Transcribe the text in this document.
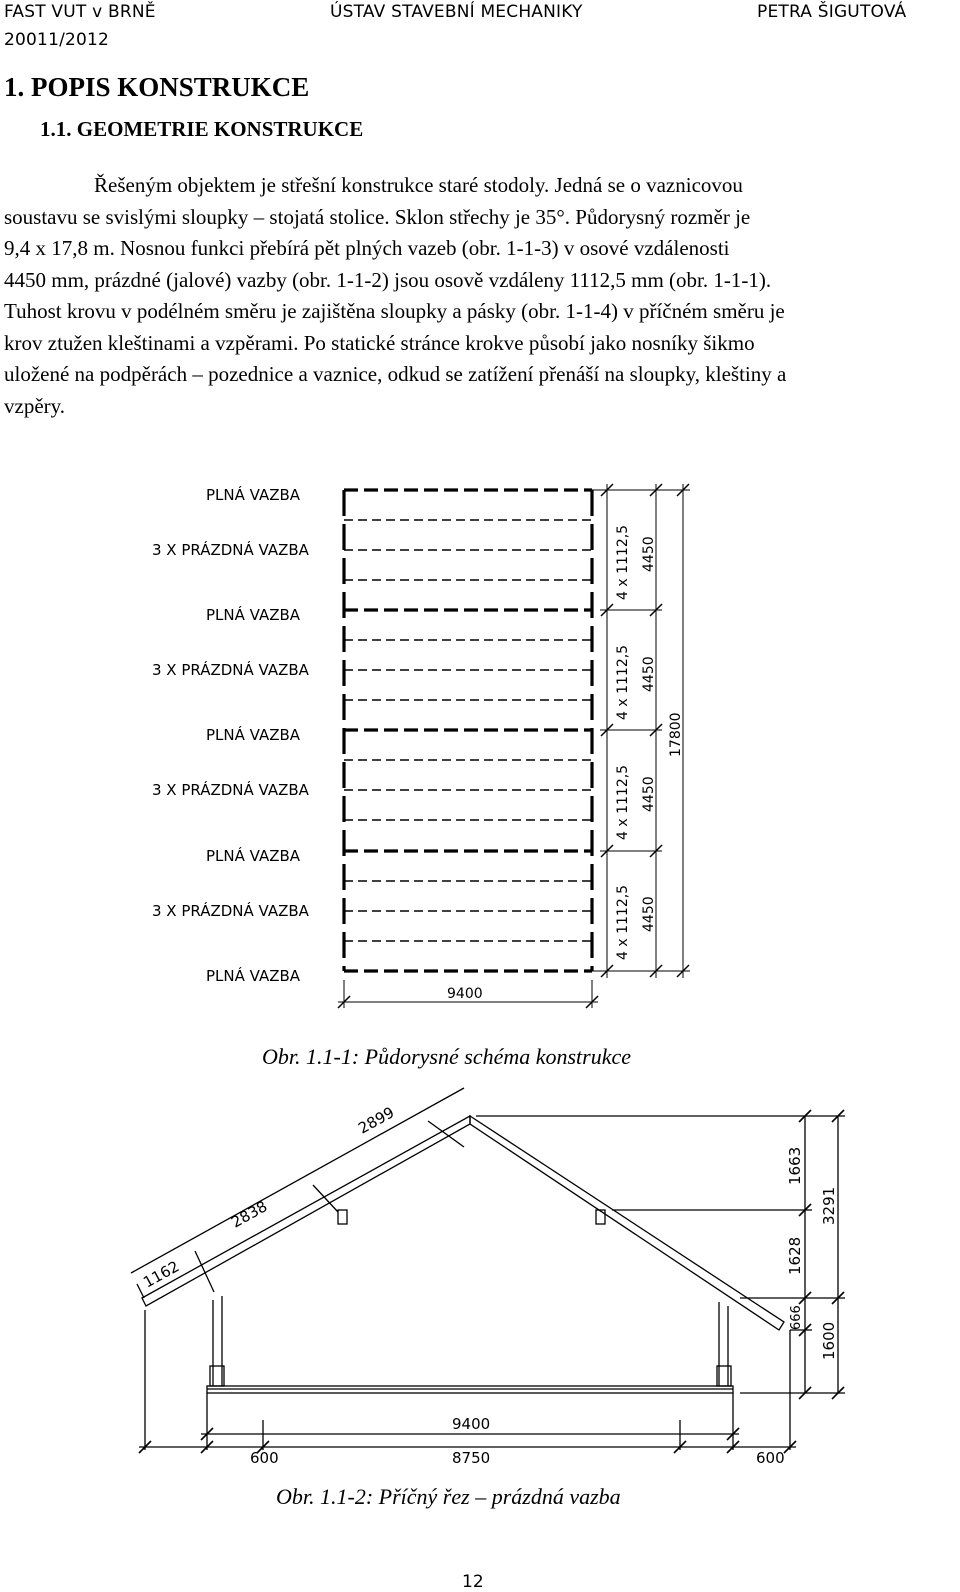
FAST VUT v BRNĚ
20011/2012
ÚSTAV STAVEBNÍ MECHANIKY	PETRA ŠIGUTOVÁ
1. POPIS KONSTRUKCE
1.1. GEOMETRIE KONSTRUKCE
Řešeným objektem je střešní konstrukce staré stodoly. Jedná se o vaznicovou
soustavu se svislými sloupky – stojatá stolice. Sklon střechy je 35°. Půdorysný rozměr je
9,4 x 17,8 m. Nosnou funkci přebírá pět plných vazeb (obr. 1-1-3) v osové vzdálenosti
4450 mm, prázdné (jalové) vazby (obr. 1-1-2) jsou osově vzdáleny 1112,5 mm (obr. 1-1-1).
Tuhost krovu v podélném směru je zajištěna sloupky a pásky (obr. 1-1-4) v příčném směru je
krov ztužen kleštinami a vzpěrami. Po statické stránce krokve působí jako nosníky šikmo
uložené na podpěrách – pozednice a vaznice, odkud se zatížení přenáší na sloupky, kleštiny a
vzpěry.
PLNÁ VAZBA
3 X PRÁZDNÁ VAZBA
PLNÁ VAZBA
3 X PRÁZDNÁ VAZBA
PLNÁ VAZBA
3 X PRÁZDNÁ VAZBA
PLNÁ VAZBA
3 X PRÁZDNÁ VAZBA
PLNÁ VAZBA
4 x 1112,5
4 x 1112,5
4 x 1112,5
4 x 1112,5
4450
4450
4450
4450
17800
9400
Obr. 1.1-1: Půdorysné schéma konstrukce
1162
2838
2899
1663
1628
666
3291
1600
9400
8750
600	600
Obr. 1.1-2: Příčný řez – prázdná vazba
12
